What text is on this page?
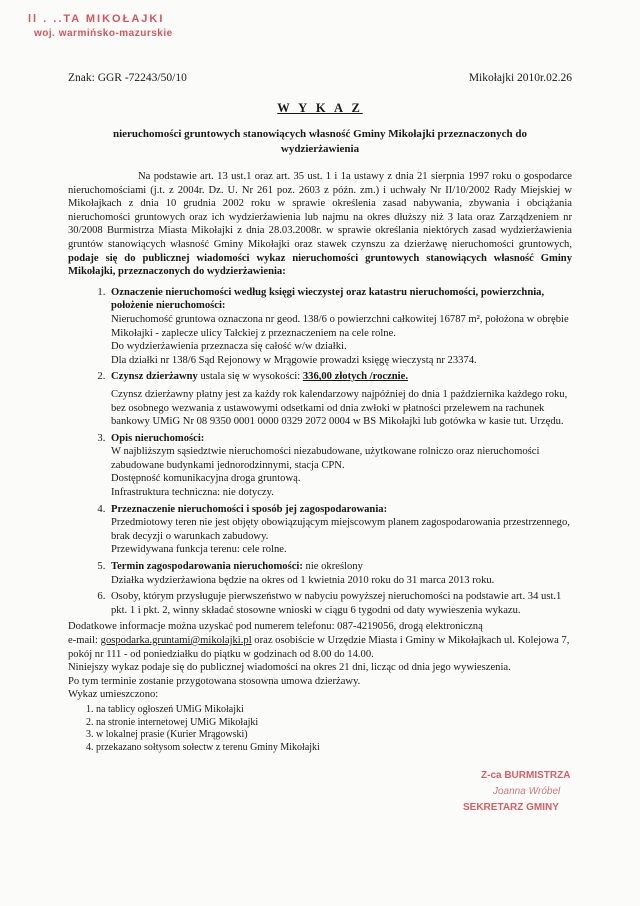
ll . ..TA MIKOŁAJKI
woj. warmińsko-mazurskie
Znak: GGR -72243/50/10	Mikołajki 2010r.02.26
W Y K A Z
nieruchomości gruntowych stanowiących własność Gminy Mikołajki przeznaczonych do wydzierżawienia

Na podstawie art. 13 ust.1 oraz art. 35 ust. 1 i 1a ustawy z dnia 21 sierpnia 1997 roku o gospodarce nieruchomościami (j.t. z 2004r. Dz. U. Nr 261 poz. 2603 z późn. zm.) i uchwały Nr II/10/2002 Rady Miejskiej w Mikołajkach z dnia 10 grudnia 2002 roku w sprawie określenia zasad nabywania, zbywania i obciążania nieruchomości gruntowych oraz ich wydzierżawienia lub najmu na okres dłuższy niż 3 lata oraz Zarządzeniem nr 30/2008 Burmistrza Miasta Mikołajki z dnia 28.03.2008r. w sprawie określania niektórych zasad wydzierżawienia gruntów stanowiących własność Gminy Mikołajki oraz stawek czynszu za dzierżawę nieruchomości gruntowych, podaje się do publicznej wiadomości wykaz nieruchomości gruntowych stanowiących własność Gminy Mikołajki, przeznaczonych do wydzierżawienia:

1. Oznaczenie nieruchomości według księgi wieczystej oraz katastru nieruchomości, powierzchnia, położenie nieruchomości:
Nieruchomość gruntowa oznaczona nr geod. 138/6 o powierzchni całkowitej 16787 m², położona w obrębie Mikołajki - zaplecze ulicy Tałckiej z przeznaczeniem na cele rolne.
Do wydzierżawienia przeznacza się całość w/w działki.
Dla działki nr 138/6 Sąd Rejonowy w Mrągowie prowadzi księgę wieczystą nr 23374.
2. Czynsz dzierżawny ustala się w wysokości: 336,00 złotych /rocznie.
Czynsz dzierżawny płatny jest za każdy rok kalendarzowy najpóźniej do dnia 1 października każdego roku, bez osobnego wezwania z ustawowymi odsetkami od dnia zwłoki w płatności przelewem na rachunek bankowy UMiG Nr 08 9350 0001 0000 0329 2072 0004 w BS Mikołajki lub gotówka w kasie tut. Urzędu.
3. Opis nieruchomości:
W najbliższym sąsiedztwie nieruchomości niezabudowane, użytkowane rolniczo oraz nieruchomości zabudowane budynkami jednorodzinnymi, stacja CPN.
Dostępność komunikacyjna droga gruntową.
Infrastruktura techniczna: nie dotyczy.
4. Przeznaczenie nieruchomości i sposób jej zagospodarowania:
Przedmiotowy teren nie jest objęty obowiązującym miejscowym planem zagospodarowania przestrzennego, brak decyzji o warunkach zabudowy.
Przewidywana funkcja terenu: cele rolne.
5. Termin zagospodarowania nieruchomości: nie określony
Działka wydzierżawiona będzie na okres od 1 kwietnia 2010 roku do 31 marca 2013 roku.
6. Osoby, którym przysługuje pierwszeństwo w nabyciu powyższej nieruchomości na podstawie art. 34 ust.1 pkt. 1 i pkt. 2, winny składać stosowne wnioski w ciągu 6 tygodni od daty wywieszenia wykazu.

Dodatkowe informacje można uzyskać pod numerem telefonu: 087-4219056, drogą elektroniczną

e-mail: gospodarka.gruntami@mikolajki.pl oraz osobiście w Urzędzie Miasta i Gminy w Mikołajkach ul. Kolejowa 7, pokój nr 111 - od poniedziałku do piątku w godzinach od 8.00 do 14.00.

Niniejszy wykaz podaje się do publicznej wiadomości na okres 21 dni, licząc od dnia jego wywieszenia.

Po tym terminie zostanie przygotowana stosowna umowa dzierżawy.

Wykaz umieszczono:

1. na tablicy ogłoszeń UMiG Mikołajki
2. na stronie internetowej UMiG Mikołajki
3. w lokalnej prasie (Kurier Mrągowski)
4. przekazano sołtysom sołectw z terenu Gminy Mikołajki
Z-ca BURMISTRZA
Joanna Wróbel
SEKRETARZ GMINY
